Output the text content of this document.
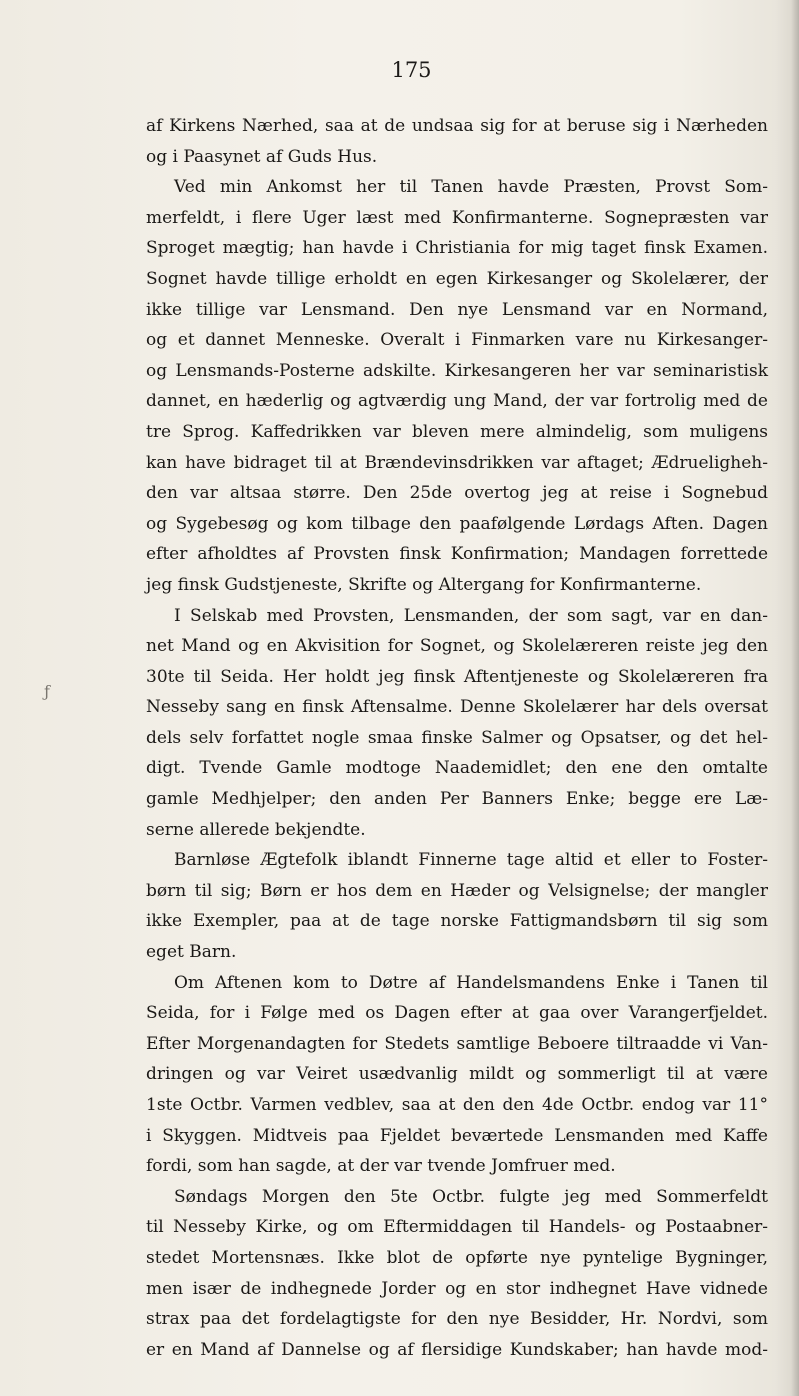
175
ƒ
af Kirkens Nærhed, saa at de undsaa sig for at beruse sig i Nærheden
og i Paasynet af Guds Hus.
Ved min Ankomst her til Tanen havde Præsten, Provst Som-
merfeldt, i flere Uger læst med Konfirmanterne. Sognepræsten var
Sproget mægtig; han havde i Christiania for mig taget finsk Examen.
Sognet havde tillige erholdt en egen Kirkesanger og Skolelærer, der
ikke tillige var Lensmand. Den nye Lensmand var en Normand,
og et dannet Menneske. Overalt i Finmarken vare nu Kirkesanger-
og Lensmands-Posterne adskilte. Kirkesangeren her var seminaristisk
dannet, en hæderlig og agtværdig ung Mand, der var fortrolig med de
tre Sprog. Kaffedrikken var bleven mere almindelig, som muligens
kan have bidraget til at Brændevinsdrikken var aftaget; Ædrueligheh-
den var altsaa større. Den 25de overtog jeg at reise i Sognebud
og Sygebesøg og kom tilbage den paafølgende Lørdags Aften. Dagen
efter afholdtes af Provsten finsk Konfirmation; Mandagen forrettede
jeg finsk Gudstjeneste, Skrifte og Altergang for Konfirmanterne.
I Selskab med Provsten, Lensmanden, der som sagt, var en dan-
net Mand og en Akvisition for Sognet, og Skolelæreren reiste jeg den
30te til Seida. Her holdt jeg finsk Aftentjeneste og Skolelæreren fra
Nesseby sang en finsk Aftensalme. Denne Skolelærer har dels oversat
dels selv forfattet nogle smaa finske Salmer og Opsatser, og det hel-
digt. Tvende Gamle modtoge Naademidlet; den ene den omtalte
gamle Medhjelper; den anden Per Banners Enke; begge ere Læ-
serne allerede bekjendte.
Barnløse Ægtefolk iblandt Finnerne tage altid et eller to Foster-
børn til sig; Børn er hos dem en Hæder og Velsignelse; der mangler
ikke Exempler, paa at de tage norske Fattigmandsbørn til sig som
eget Barn.
Om Aftenen kom to Døtre af Handelsmandens Enke i Tanen til
Seida, for i Følge med os Dagen efter at gaa over Varangerfjeldet.
Efter Morgenandagten for Stedets samtlige Beboere tiltraadde vi Van-
dringen og var Veiret usædvanlig mildt og sommerligt til at være
1ste Octbr. Varmen vedblev, saa at den den 4de Octbr. endog var 11°
i Skyggen. Midtveis paa Fjeldet beværtede Lensmanden med Kaffe
fordi, som han sagde, at der var tvende Jomfruer med.
Søndags Morgen den 5te Octbr. fulgte jeg med Sommerfeldt
til Nesseby Kirke, og om Eftermiddagen til Handels- og Postaabner-
stedet Mortensnæs. Ikke blot de opførte nye pyntelige Bygninger,
men især de indhegnede Jorder og en stor indhegnet Have vidnede
strax paa det fordelagtigste for den nye Besidder, Hr. Nordvi, som
er en Mand af Dannelse og af flersidige Kundskaber; han havde mod-
